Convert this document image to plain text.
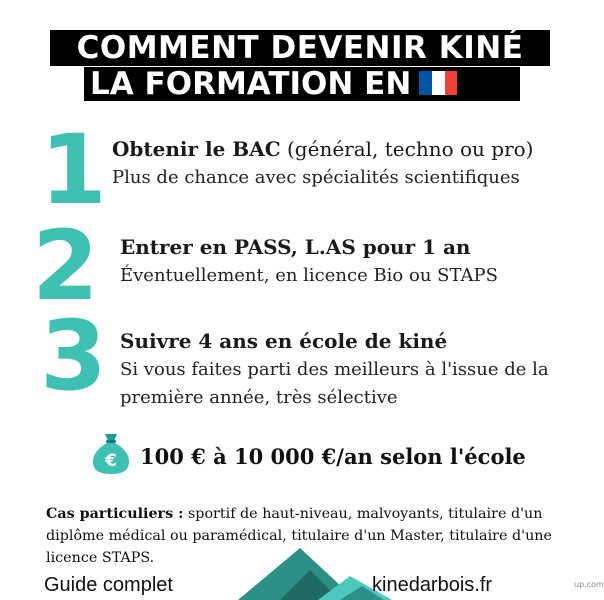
COMMENT DEVENIR KINÉ
LA FORMATION EN
1 Obtenir le BAC (général, techno ou pro)
Plus de chance avec spécialités scientifiques
2 Entrer en PASS, L.AS pour 1 an
Éventuellement, en licence Bio ou STAPS
3 Suivre 4 ans en école de kiné
Si vous faites parti des meilleurs à l'issue de la
première année, très sélective
€ 100 € à 10 000 €/an selon l'école
Cas particuliers : sportif de haut-niveau, malvoyants, titulaire d'un diplôme médical ou paramédical, titulaire d'un Master, titulaire d'une licence STAPS.
Guide complet	kinedarbois.fr	up.com
